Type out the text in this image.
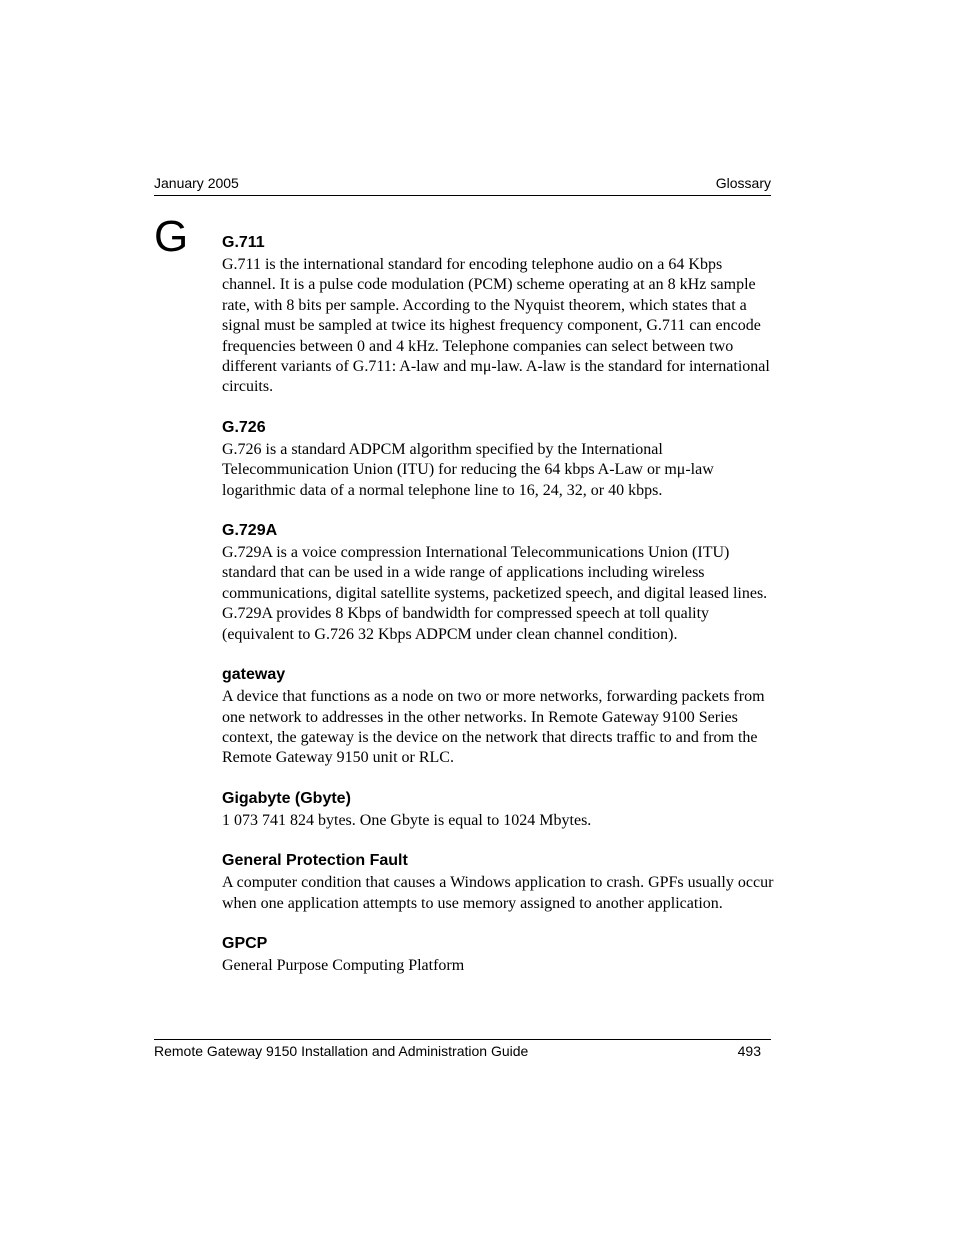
January 2005	Glossary
G G.711

G.711 is the international standard for encoding telephone audio on a 64 Kbps channel. It is a pulse code modulation (PCM) scheme operating at an 8 kHz sample rate, with 8 bits per sample. According to the Nyquist theorem, which states that a signal must be sampled at twice its highest frequency component, G.711 can encode frequencies between 0 and 4 kHz. Telephone companies can select between two different variants of G.711: A-law and mμ-law. A-law is the standard for international circuits.

G.726

G.726 is a standard ADPCM algorithm specified by the International Telecommunication Union (ITU) for reducing the 64 kbps A-Law or mμ-law logarithmic data of a normal telephone line to 16, 24, 32, or 40 kbps.

G.729A

G.729A is a voice compression International Telecommunications Union (ITU) standard that can be used in a wide range of applications including wireless communications, digital satellite systems, packetized speech, and digital leased lines. G.729A provides 8 Kbps of bandwidth for compressed speech at toll quality (equivalent to G.726 32 Kbps ADPCM under clean channel condition).

gateway

A device that functions as a node on two or more networks, forwarding packets from one network to addresses in the other networks. In Remote Gateway 9100 Series context, the gateway is the device on the network that directs traffic to and from the Remote Gateway 9150 unit or RLC.

Gigabyte (Gbyte)

1 073 741 824 bytes. One Gbyte is equal to 1024 Mbytes.

General Protection Fault

A computer condition that causes a Windows application to crash. GPFs usually occur when one application attempts to use memory assigned to another application.

GPCP

General Purpose Computing Platform

Remote Gateway 9150 Installation and Administration Guide	493
